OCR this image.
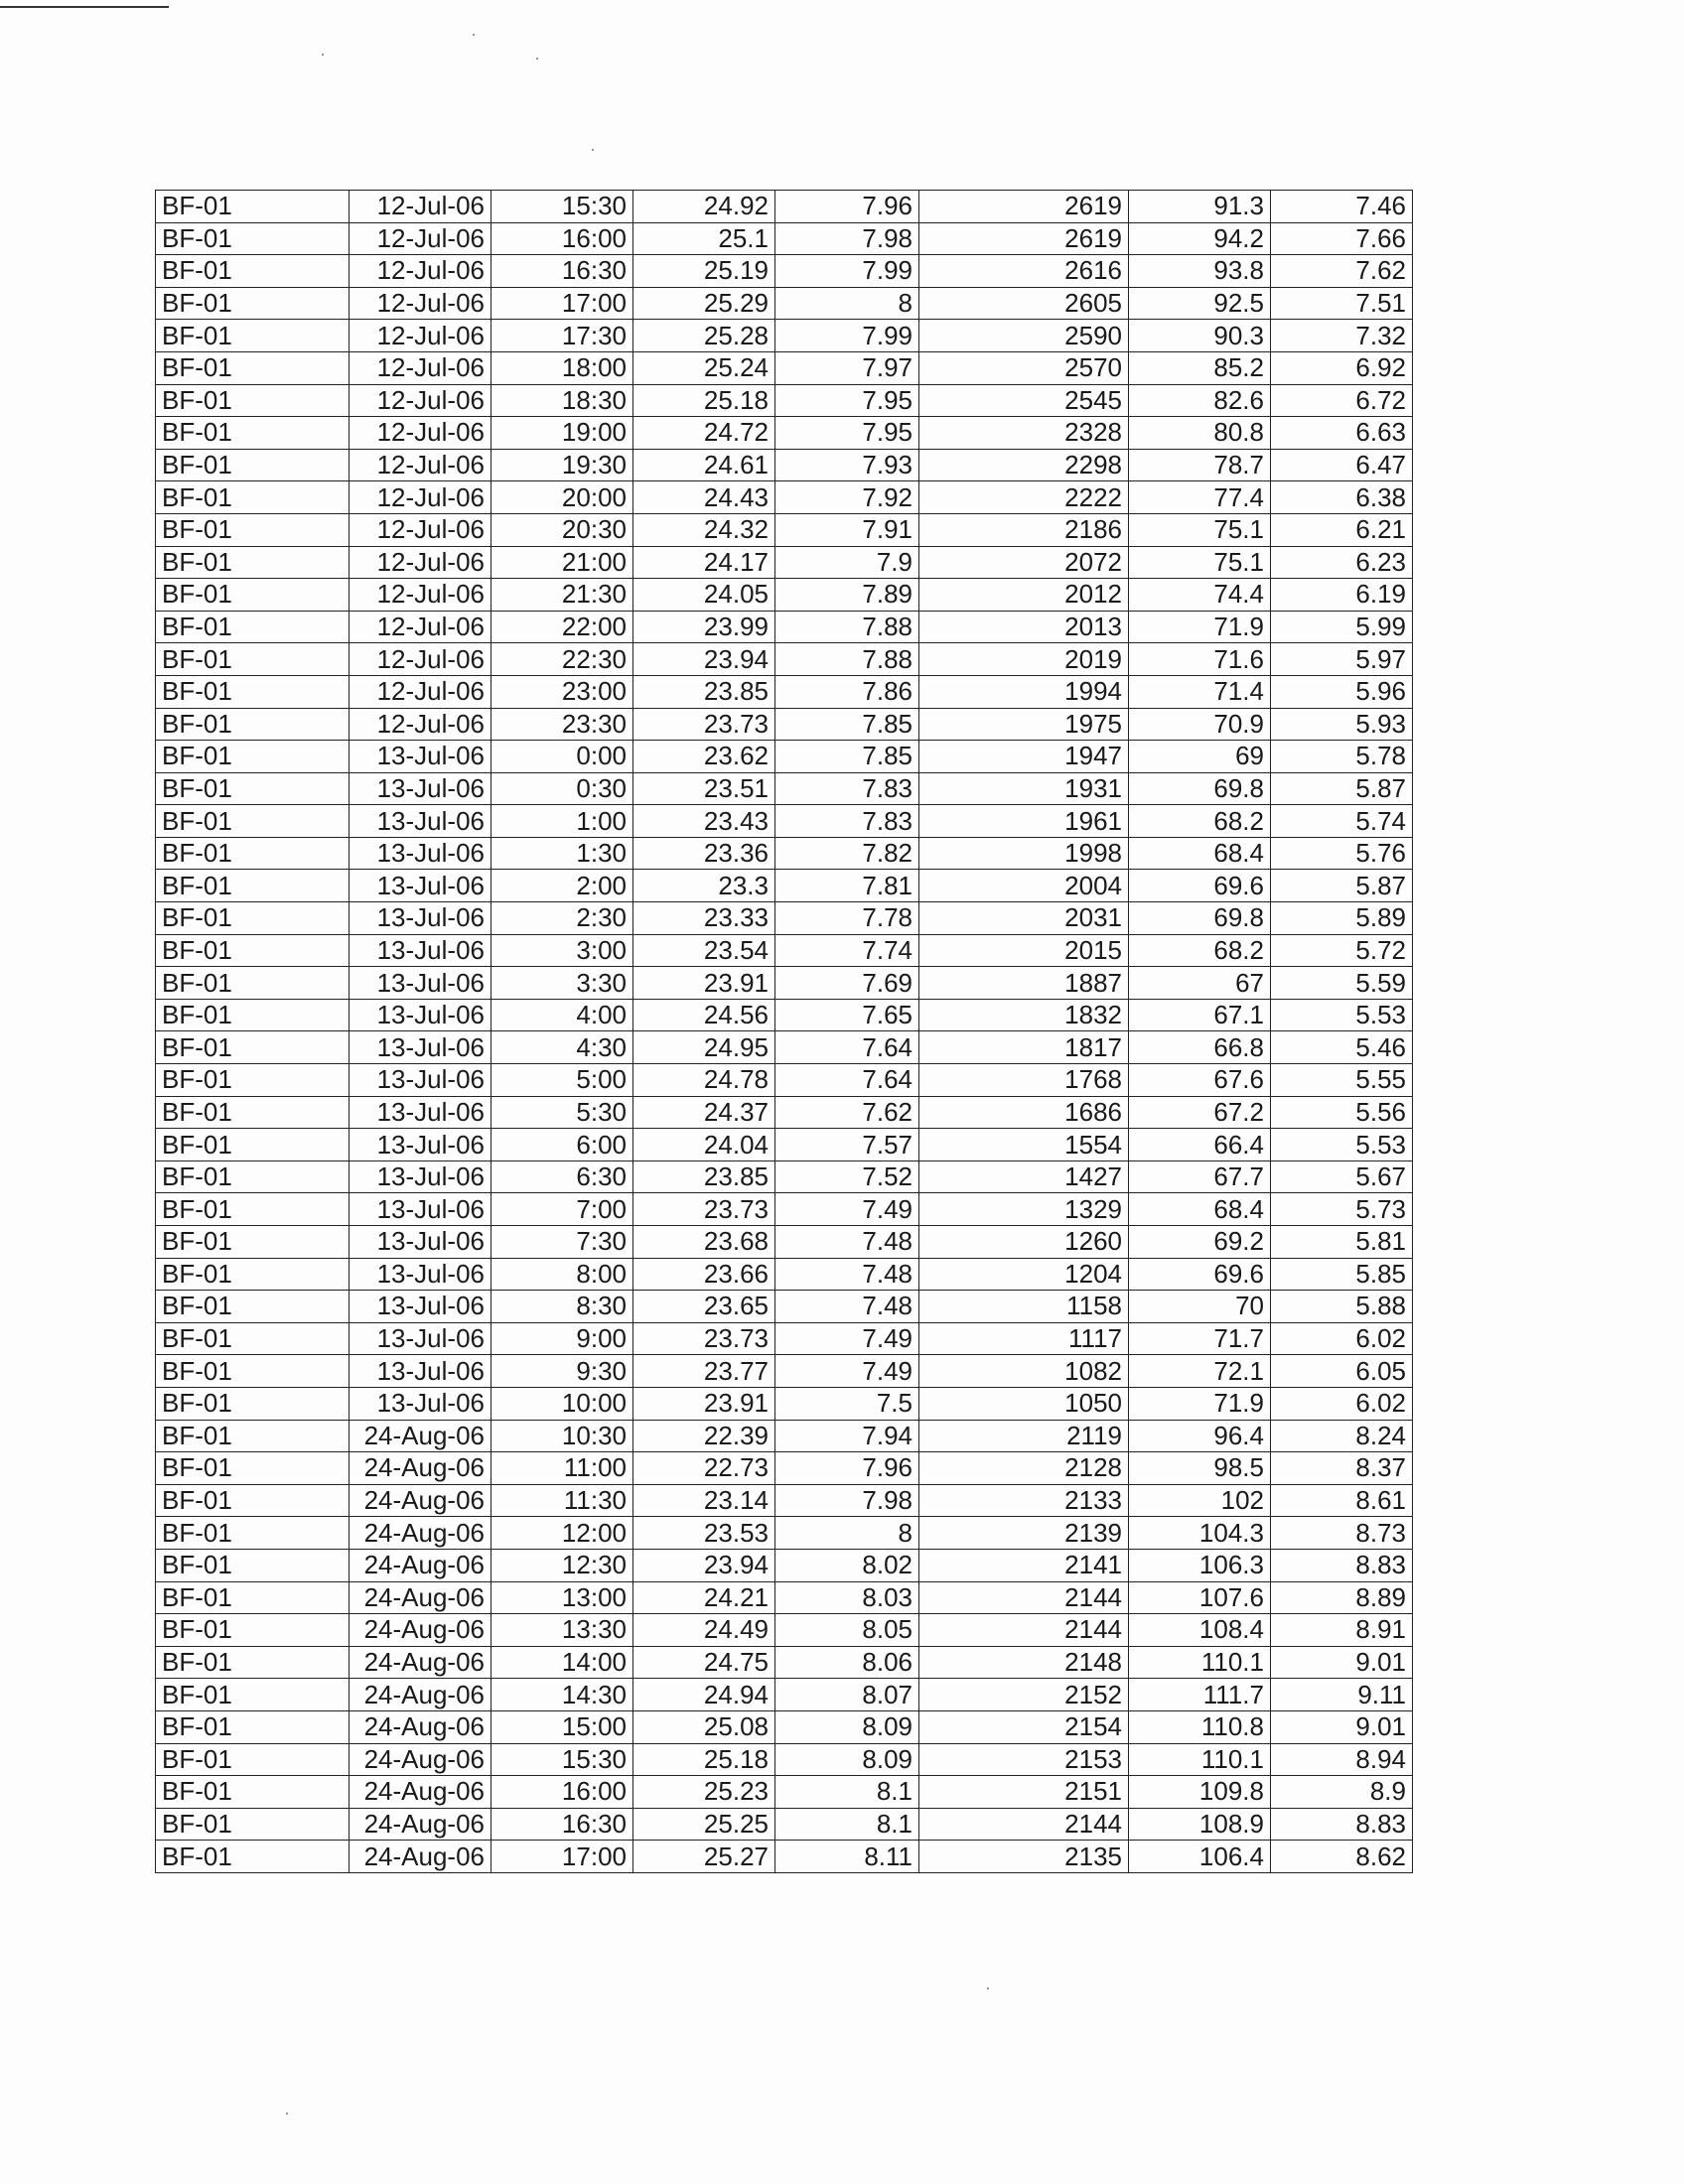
BF-01	12-Jul-06	15:30	24.92	7.96	2619	91.3	7.46
BF-01	12-Jul-06	16:00	25.1	7.98	2619	94.2	7.66
BF-01	12-Jul-06	16:30	25.19	7.99	2616	93.8	7.62
BF-01	12-Jul-06	17:00	25.29	8	2605	92.5	7.51
BF-01	12-Jul-06	17:30	25.28	7.99	2590	90.3	7.32
BF-01	12-Jul-06	18:00	25.24	7.97	2570	85.2	6.92
BF-01	12-Jul-06	18:30	25.18	7.95	2545	82.6	6.72
BF-01	12-Jul-06	19:00	24.72	7.95	2328	80.8	6.63
BF-01	12-Jul-06	19:30	24.61	7.93	2298	78.7	6.47
BF-01	12-Jul-06	20:00	24.43	7.92	2222	77.4	6.38
BF-01	12-Jul-06	20:30	24.32	7.91	2186	75.1	6.21
BF-01	12-Jul-06	21:00	24.17	7.9	2072	75.1	6.23
BF-01	12-Jul-06	21:30	24.05	7.89	2012	74.4	6.19
BF-01	12-Jul-06	22:00	23.99	7.88	2013	71.9	5.99
BF-01	12-Jul-06	22:30	23.94	7.88	2019	71.6	5.97
BF-01	12-Jul-06	23:00	23.85	7.86	1994	71.4	5.96
BF-01	12-Jul-06	23:30	23.73	7.85	1975	70.9	5.93
BF-01	13-Jul-06	0:00	23.62	7.85	1947	69	5.78
BF-01	13-Jul-06	0:30	23.51	7.83	1931	69.8	5.87
BF-01	13-Jul-06	1:00	23.43	7.83	1961	68.2	5.74
BF-01	13-Jul-06	1:30	23.36	7.82	1998	68.4	5.76
BF-01	13-Jul-06	2:00	23.3	7.81	2004	69.6	5.87
BF-01	13-Jul-06	2:30	23.33	7.78	2031	69.8	5.89
BF-01	13-Jul-06	3:00	23.54	7.74	2015	68.2	5.72
BF-01	13-Jul-06	3:30	23.91	7.69	1887	67	5.59
BF-01	13-Jul-06	4:00	24.56	7.65	1832	67.1	5.53
BF-01	13-Jul-06	4:30	24.95	7.64	1817	66.8	5.46
BF-01	13-Jul-06	5:00	24.78	7.64	1768	67.6	5.55
BF-01	13-Jul-06	5:30	24.37	7.62	1686	67.2	5.56
BF-01	13-Jul-06	6:00	24.04	7.57	1554	66.4	5.53
BF-01	13-Jul-06	6:30	23.85	7.52	1427	67.7	5.67
BF-01	13-Jul-06	7:00	23.73	7.49	1329	68.4	5.73
BF-01	13-Jul-06	7:30	23.68	7.48	1260	69.2	5.81
BF-01	13-Jul-06	8:00	23.66	7.48	1204	69.6	5.85
BF-01	13-Jul-06	8:30	23.65	7.48	1158	70	5.88
BF-01	13-Jul-06	9:00	23.73	7.49	1117	71.7	6.02
BF-01	13-Jul-06	9:30	23.77	7.49	1082	72.1	6.05
BF-01	13-Jul-06	10:00	23.91	7.5	1050	71.9	6.02
BF-01	24-Aug-06	10:30	22.39	7.94	2119	96.4	8.24
BF-01	24-Aug-06	11:00	22.73	7.96	2128	98.5	8.37
BF-01	24-Aug-06	11:30	23.14	7.98	2133	102	8.61
BF-01	24-Aug-06	12:00	23.53	8	2139	104.3	8.73
BF-01	24-Aug-06	12:30	23.94	8.02	2141	106.3	8.83
BF-01	24-Aug-06	13:00	24.21	8.03	2144	107.6	8.89
BF-01	24-Aug-06	13:30	24.49	8.05	2144	108.4	8.91
BF-01	24-Aug-06	14:00	24.75	8.06	2148	110.1	9.01
BF-01	24-Aug-06	14:30	24.94	8.07	2152	111.7	9.11
BF-01	24-Aug-06	15:00	25.08	8.09	2154	110.8	9.01
BF-01	24-Aug-06	15:30	25.18	8.09	2153	110.1	8.94
BF-01	24-Aug-06	16:00	25.23	8.1	2151	109.8	8.9
BF-01	24-Aug-06	16:30	25.25	8.1	2144	108.9	8.83
BF-01	24-Aug-06	17:00	25.27	8.11	2135	106.4	8.62
